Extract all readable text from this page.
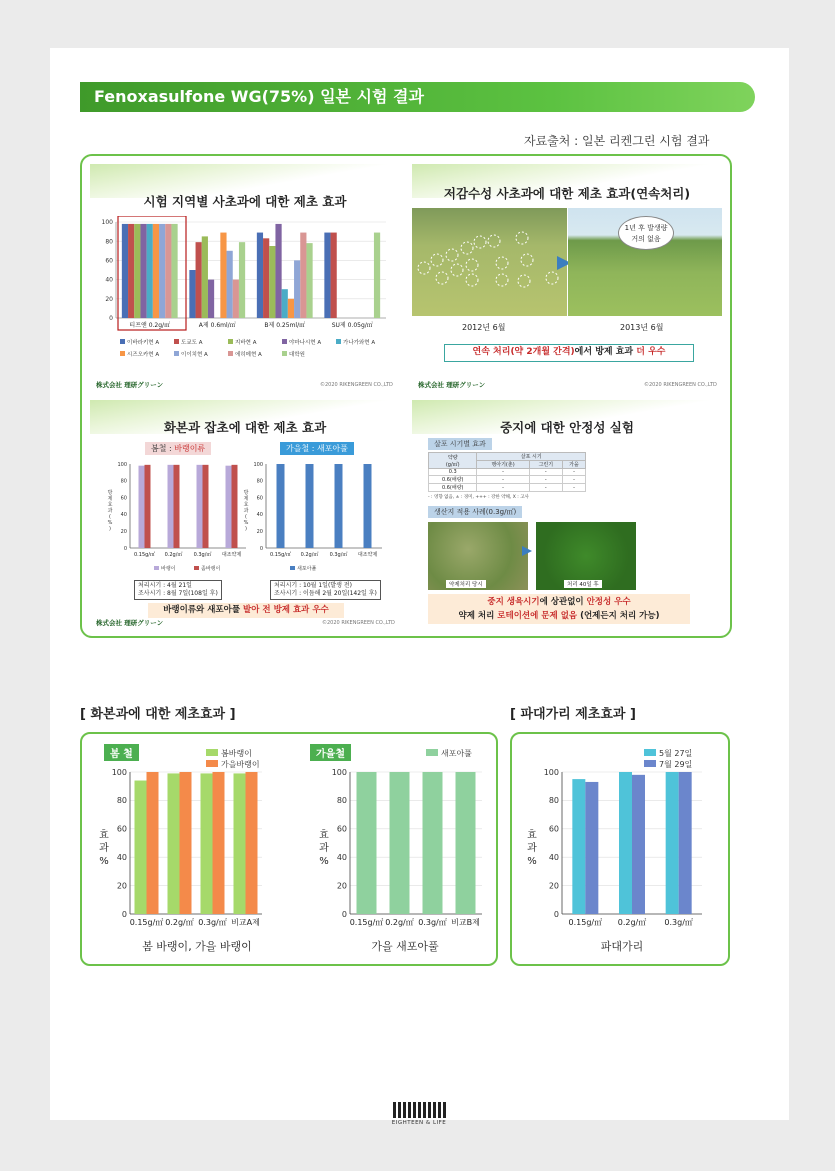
Fenoxasulfone WG(75%) 일본 시험 결과
자료출처 : 일본 리켄그린 시험 결과
시험 지역별 사초과에 대한 제초 효과
0
20
40
60
80
100
티프앤 0.2g/㎡	A제 0.6ml/㎡	B제 0.25ml/㎡	SU제 0.05g/㎡
이바라키현 A	도쿄도 A	지바현 A	야마나시현 A	가나가와현 A
시즈오카현 A	이이치현 A	에히메현 A	대학원
株式会社 理研グリーン	©2020 RIKENGREEN CO.,LTD
저감수성 사초과에 대한 제초 효과(연속처리)
1년 후 발생량
거의 없음
2012년 6월	2013년 6월
연속 처리(약 2개월 간격)에서 방제 효과 더 우수
株式会社 理研グリーン	©2020 RIKENGREEN CO.,LTD
화본과 잡초에 대한 제초 효과
봄철 : 바랭이류	가을철 : 새포아풀
0
20
40
60
80
100
0.15g/㎡ 0.2g/㎡ 0.3g/㎡ 대조약제
방
제
효
과
(
%
)
바랭이	좀바랭이
0
20
40
60
80
100
0.15g/㎡ 0.2g/㎡ 0.3g/㎡ 대조약제
방
제
효
과
(
%
)
새포아풀
처리시기 : 4월 21일
조사시기 : 8월 7일(108일 후)
처리시기 : 10월 1일(발생 전)
조사시기 : 이듬해 2월 20일(142일 후)
바랭이류와 새포아풀 발아 전 방제 효과 우수
株式会社 理研グリーン	©2020 RIKENGREEN CO.,LTD
중지에 대한 안정성 실험
살포 시기별 효과
약량
(g/㎡)	살포 시기		
	맹아기(춘)	그린기	가을
0.3	-	-	-
0.6(배량)	-	-	-
0.6(배량)	-	-	-
- : 영향 없음, ± : 경미, +++ : 강한 약해, X : 고사
생산지 적용 사례(0.3g/㎡)
약제처리 당시	처리 40일 후
중지 생육시기에 상관없이 안정성 우수
약제 처리 로테이션에 문제 없음 (언제든지 처리 가능)
[ 화본과에 대한 제초효과 ]	[ 파대가리 제초효과 ]
봄 철	가을철
0
20
40
60
80
100
0.15g/㎡ 0.2g/㎡ 0.3g/㎡ 비교A제
효
과
%
봄바랭이
가을바랭이
0
20
40
60
80
100
0.15g/㎡ 0.2g/㎡ 0.3g/㎡ 비교B제
효
과
%
새포아풀
봄 바랭이, 가을 바랭이	가을 새포아풀
0
20
40
60
80
100
0.15g/㎡ 0.2g/㎡ 0.3g/㎡
효
과
%
5월 27일
7월 29일
파대가리
EIGHTEEN & LIFE
